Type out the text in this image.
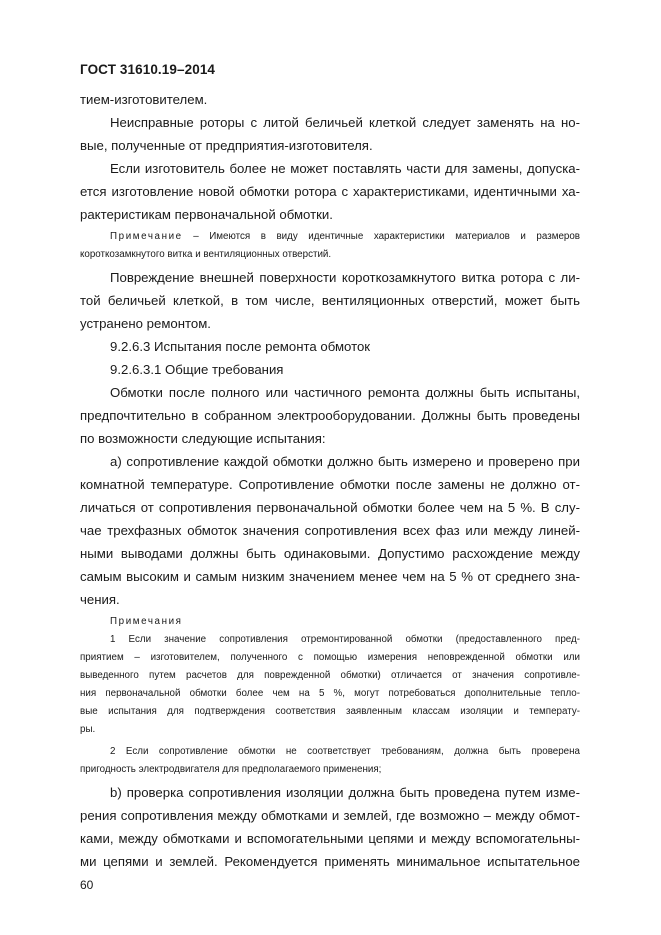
ГОСТ 31610.19–2014
тием-изготовителем.
Неисправные роторы с литой беличьей клеткой следует заменять на но-
вые, полученные от предприятия-изготовителя.
Если изготовитель более не может поставлять части для замены, допуска-
ется изготовление новой обмотки ротора с характеристиками, идентичными ха-
рактеристикам первоначальной обмотки.
Примечание – Имеются в виду идентичные характеристики материалов и размеров
короткозамкнутого витка и вентиляционных отверстий.
Повреждение внешней поверхности короткозамкнутого витка ротора с ли-
той беличьей клеткой, в том числе, вентиляционных отверстий, может быть
устранено ремонтом.
9.2.6.3 Испытания после ремонта обмоток
9.2.6.3.1 Общие требования
Обмотки после полного или частичного ремонта должны быть испытаны,
предпочтительно в собранном электрооборудовании. Должны быть проведены
по возможности следующие испытания:
а) сопротивление каждой обмотки должно быть измерено и проверено при
комнатной температуре. Сопротивление обмотки после замены не должно от-
личаться от сопротивления первоначальной обмотки более чем на 5 %. В слу-
чае трехфазных обмоток значения сопротивления всех фаз или между линей-
ными выводами должны быть одинаковыми. Допустимо расхождение между
самым высоким и самым низким значением менее чем на 5 % от среднего зна-
чения.
Примечания
1 Если значение сопротивления отремонтированной обмотки (предоставленного пред-
приятием – изготовителем, полученного с помощью измерения неповрежденной обмотки или
выведенного путем расчетов для поврежденной обмотки) отличается от значения сопротивле-
ния первоначальной обмотки более чем на 5 %, могут потребоваться дополнительные тепло-
вые испытания для подтверждения соответствия заявленным классам изоляции и температу-
ры.
2 Если сопротивление обмотки не соответствует требованиям, должна быть проверена
пригодность электродвигателя для предполагаемого применения;
b) проверка сопротивления изоляции должна быть проведена путем изме-
рения сопротивления между обмотками и землей, где возможно – между обмот-
ками, между обмотками и вспомогательными цепями и между вспомогательны-
ми цепями и землей. Рекомендуется применять минимальное испытательное
60
